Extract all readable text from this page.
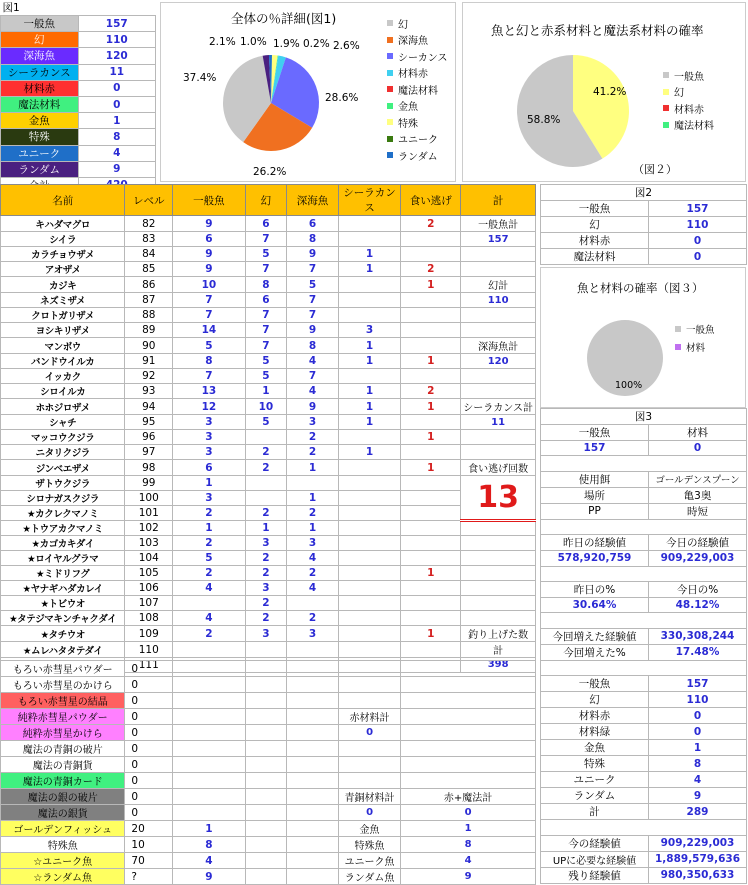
図1	
一般魚	157
幻	110
深海魚	120
シーラカンス	11
材料赤	0
魔法材料	0
金魚	1
特殊	8
ユニーク	4
ランダム	9

全体の％詳細(図1)
2.1% 1.0% 1.9% 0.2% 2.6%
37.4%
28.6%
26.2%
幻
深海魚
シーカンス
材料赤
魔法材料
金魚
特殊
ユニーク
ランダム
魚と幻と赤系材料と魔法系材料の確率
41.2%
58.8%
一般魚
幻
材料赤
魔法材料
（図２）
名前	レベル	一般魚	幻	深海魚	シーラカンス	食い逃げ	計
キハダマグロ	82	9	6	6		2	一般魚計
シイラ	83	6	7	8			157
カラチョウザメ	84	9	5	9	1		
アオザメ	85	9	7	7	1	2	
カジキ	86	10	8	5		1	幻計
ネズミザメ	87	7	6	7			110
クロトガリザメ	88	7	7	7			
ヨシキリザメ	89	14	7	9	3		
マンボウ	90	5	7	8	1		深海魚計
バンドウイルカ	91	8	5	4	1	1	120
イッカク	92	7	5	7			
シロイルカ	93	13	1	4	1	2	
ホホジロザメ	94	12	10	9	1	1	シーラカンス計
シャチ	95	3	5	3	1		11
マッコウクジラ	96	3		2		1	
ニタリクジラ	97	3	2	2	1		
ジンベエザメ	98	6	2	1		1	食い逃げ回数
ザトウクジラ	99	1					13
シロナガスクジラ	100	3		1			
★カクレクマノミ	101	2	2	2			
★トウアカクマノミ	102	1	1	1			
★カゴカキダイ	103	2	3	3			
★ロイヤルグラマ	104	5	2	4			
★ミドリフグ	105	2	2	2		1	
★ヤナギハダカレイ	106	4	3	4			
★トビウオ	107		2				
★タテジマキンチャクダイ	108	4	2	2			
★タチウオ	109	2	3	3		1	釣り上げた数
★ムレハタタテダイ	110						計
	111						398
もろい赤彗星パウダー	0					
もろい赤彗星のかけら	0					
もろい赤彗星の結晶	0					
純粋赤彗星パウダー	0				赤材料計	
純粋赤彗星かけら	0				0	
魔法の青銅の破片	0					
魔法の青銅貨	0					
魔法の青銅カード	0					
魔法の銀の破片	0				青銅材料計	赤+魔法計
魔法の銀貨	0				0	0
ゴールデンフィッシュ	20	1			金魚	1
特殊魚	10	8			特殊魚	8
☆ユニーク魚	70	4			ユニーク魚	4
☆ランダム魚	?	9			ランダム魚	9
図2	
一般魚	157
幻	110
材料赤	0
魔法材料	0
魚と材料の確率（図３）
100%
一般魚
材料
図3	
一般魚	材料
157	0

使用餌	ゴールデンスプーン
場所	亀3奥
PP	時短

昨日の経験値	今日の経験値
578,920,759	909,229,003

昨日の%	今日の%
30.64%	48.12%

今回増えた経験値	330,308,244
今回増えた%	17.48%

一般魚	157
幻	110
材料赤	0
材料緑	0
金魚	1
特殊	8
ユニーク	4
ランダム	9
計	289

今の経験値	909,229,003
UPに必要な経験値	1,889,579,636
残り経験値	980,350,633
